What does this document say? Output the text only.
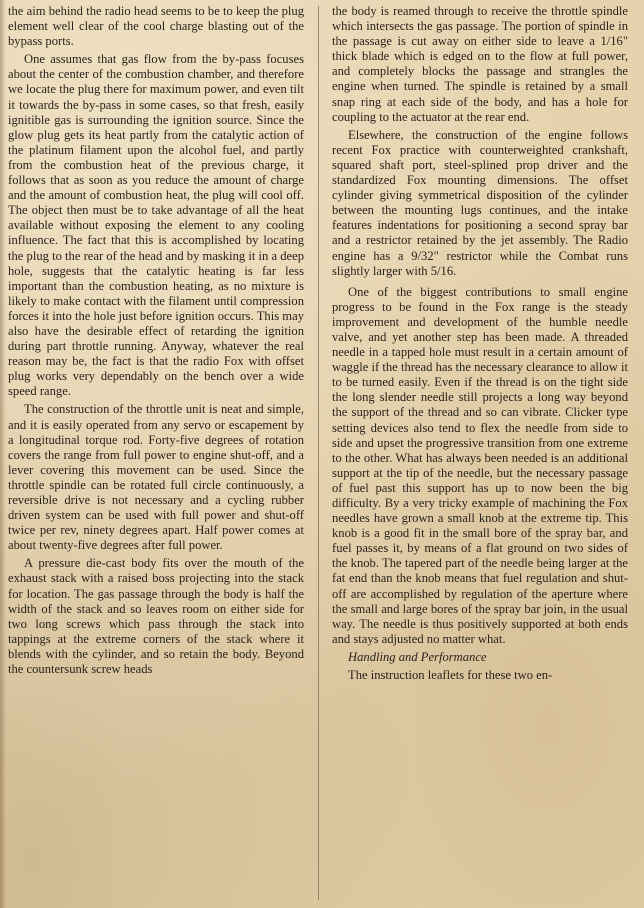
the aim behind the radio head seems to be to keep the plug element well clear of the cool charge blasting out of the bypass ports.

One assumes that gas flow from the by-pass focuses about the center of the combustion chamber, and therefore we locate the plug there for maximum power, and even tilt it towards the by-pass in some cases, so that fresh, easily ignitible gas is surrounding the ignition source. Since the glow plug gets its heat partly from the catalytic action of the platinum filament upon the alcohol fuel, and partly from the combustion heat of the previous charge, it follows that as soon as you reduce the amount of charge and the amount of combustion heat, the plug will cool off. The object then must be to take advantage of all the heat available without exposing the element to any cooling influence. The fact that this is accomplished by locating the plug to the rear of the head and by masking it in a deep hole, suggests that the catalytic heating is far less important than the combustion heating, as no mixture is likely to make contact with the filament until compression forces it into the hole just before ignition occurs. This may also have the desirable effect of retarding the ignition during part throttle running. Anyway, whatever the real reason may be, the fact is that the radio Fox with offset plug works very dependably on the bench over a wide speed range.

The construction of the throttle unit is neat and simple, and it is easily operated from any servo or escapement by a longitudinal torque rod. Forty-five degrees of rotation covers the range from full power to engine shut-off, and a lever covering this movement can be used. Since the throttle spindle can be rotated full circle continuously, a reversible drive is not necessary and a cycling rubber driven system can be used with full power and shut-off twice per rev, ninety degrees apart. Half power comes at about twenty-five degrees after full power.

A pressure die-cast body fits over the mouth of the exhaust stack with a raised boss projecting into the stack for location. The gas passage through the body is half the width of the stack and so leaves room on either side for two long screws which pass through the stack into tappings at the extreme corners of the stack where it blends with the cylinder, and so retain the body. Beyond the countersunk screw heads

the body is reamed through to receive the throttle spindle which intersects the gas passage. The portion of spindle in the passage is cut away on either side to leave a 1/16" thick blade which is edged on to the flow at full power, and completely blocks the passage and strangles the engine when turned. The spindle is retained by a small snap ring at each side of the body, and has a hole for coupling to the actuator at the rear end.

Elsewhere, the construction of the engine follows recent Fox practice with counterweighted crankshaft, squared shaft port, steel-splined prop driver and the standardized Fox mounting dimensions. The offset cylinder giving symmetrical disposition of the cylinder between the mounting lugs continues, and the intake features indentations for positioning a second spray bar and a restrictor retained by the jet assembly. The Radio engine has a 9/32" restrictor while the Combat runs slightly larger with 5/16.

One of the biggest contributions to small engine progress to be found in the Fox range is the steady improvement and development of the humble needle valve, and yet another step has been made. A threaded needle in a tapped hole must result in a certain amount of waggle if the thread has the necessary clearance to allow it to be turned easily. Even if the thread is on the tight side the long slender needle still projects a long way beyond the support of the thread and so can vibrate. Clicker type setting devices also tend to flex the needle from side to side and upset the progressive transition from one extreme to the other. What has always been needed is an additional support at the tip of the needle, but the necessary passage of fuel past this support has up to now been the big difficulty. By a very tricky example of machining the Fox needles have grown a small knob at the extreme tip. This knob is a good fit in the small bore of the spray bar, and fuel passes it, by means of a flat ground on two sides of the knob. The tapered part of the needle being larger at the fat end than the knob means that fuel regulation and shut-off are accomplished by regulation of the aperture where the small and large bores of the spray bar join, in the usual way. The needle is thus positively supported at both ends and stays adjusted no matter what.

Handling and Performance

The instruction leaflets for these two en-
